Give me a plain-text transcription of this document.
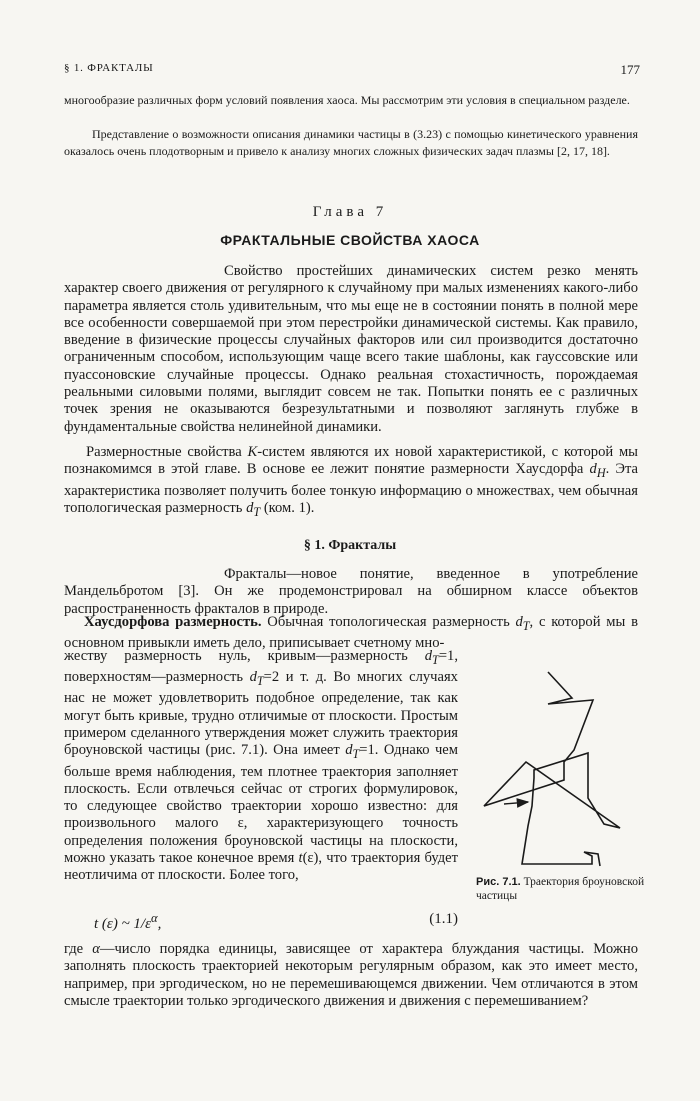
§ 1. ФРАКТАЛЫ	177

многообразие различных форм условий появления хаоса. Мы рассмотрим эти условия в специальном разделе.

Представление о возможности описания динамики частицы в (3.23) с помощью кинетического уравнения оказалось очень плодотворным и привело к анализу многих сложных физических задач плазмы [2, 17, 18].

Глава 7
ФРАКТАЛЬНЫЕ СВОЙСТВА ХАОСА

Свойство простейших динамических систем резко менять характер своего движения от регулярного к случайному при малых изменениях какого-либо параметра является столь удивительным, что мы еще не в состоянии понять в полной мере все особенности совершаемой при этом перестройки динамической системы. Как правило, введение в физические процессы случайных факторов или сил производится достаточно ограниченным способом, использующим чаще всего такие шаблоны, как гауссовские или пуассоновские случайные процессы. Однако реальная стохастичность, порождаемая реальными силовыми полями, выглядит совсем не так. Попытки понять ее с различных точек зрения не оказываются безрезультатными и позволяют заглянуть глубже в фундаментальные свойства нелинейной динамики.

Размерностные свойства K-систем являются их новой характеристикой, с которой мы познакомимся в этой главе. В основе ее лежит понятие размерности Хаусдорфа $d_H$. Эта характеристика позволяет получить более тонкую информацию о множествах, чем обычная топологическая размерность $d_T$ (ком. 1).

§ 1. Фракталы

Фракталы—новое понятие, введенное в употребление Мандельбротом [3]. Он же продемонстрировал на обширном классе объектов распространенность фракталов в природе.

Хаусдорфова размерность. Обычная топологическая размерность $d_T$, с которой мы в основном привыкли иметь дело, приписывает счетному мно-

жеству размерность нуль, кривым—размерность $d_T=1$, поверхностям—размерность $d_T=2$ и т. д. Во многих случаях нас не может удовлетворить подобное определение, так как могут быть кривые, трудно отличимые от плоскости. Простым примером сделанного утверждения может служить траектория броуновской частицы (рис. 7.1). Она имеет $d_T=1$. Однако чем больше время наблюдения, тем плотнее траектория заполняет плоскость. Если отвлечься сейчас от строгих формулировок, то следующее свойство траектории хорошо известно: для произвольного малого ε, характеризующего точность определения положения броуновской частицы на плоскости, можно указать такое конечное время t(ε), что траектория будет неотличима от плоскости. Более того,	Рис. 7.1. Траектория броуновской частицы
t (ε) ~ $1/\varepsilon^\alpha$,	(1.1)

где α—число порядка единицы, зависящее от характера блуждания частицы. Можно заполнять плоскость траекторией некоторым регулярным образом, как это имеет место, например, при эргодическом, но не перемешивающемся движении. Чем отличаются в этом смысле траектории только эргодического движения и движения с перемешиванием?
